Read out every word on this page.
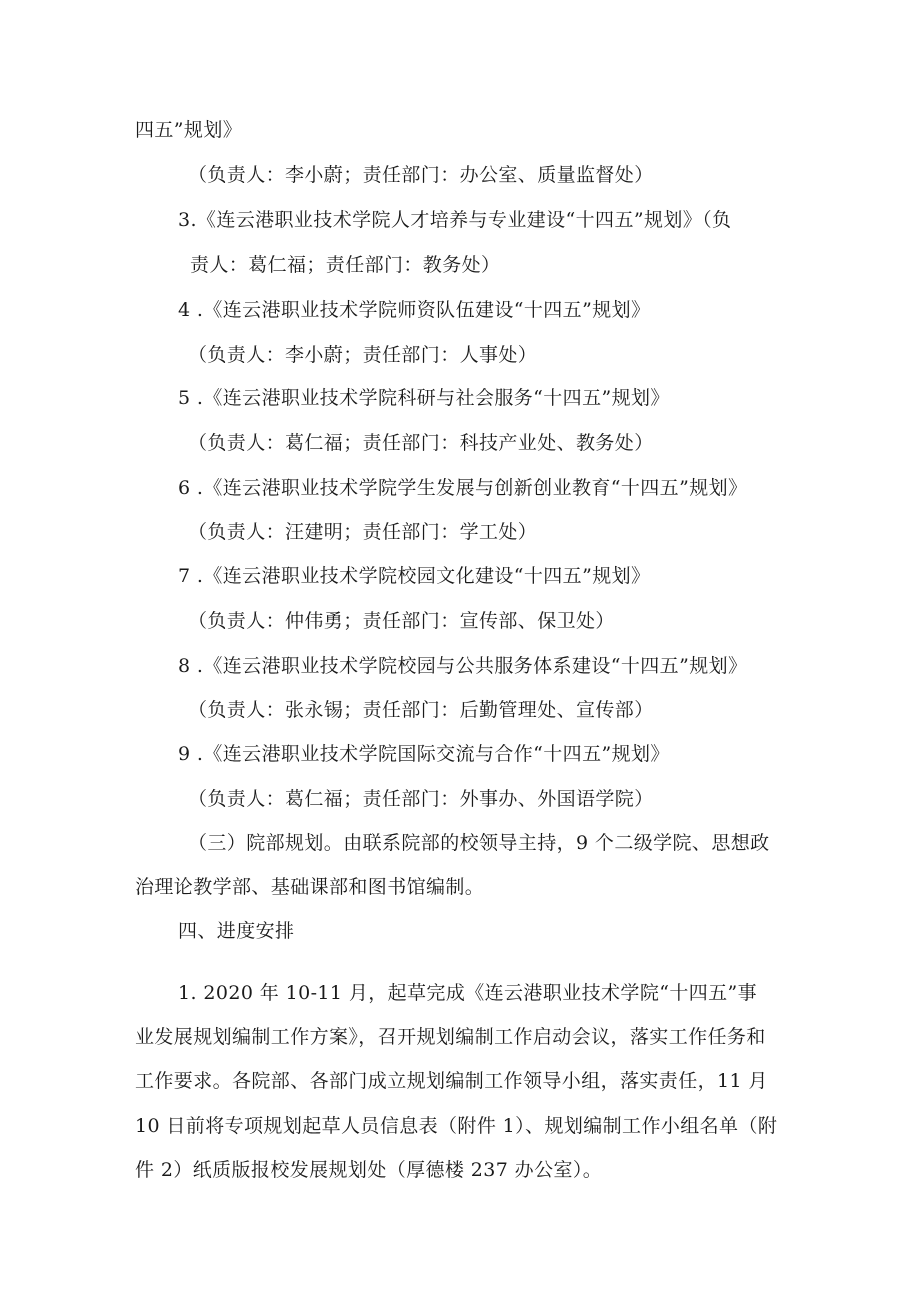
四五”规划》
（负责人：李小蔚；责任部门：办公室、质量监督处）
3.《连云港职业技术学院人才培养与专业建设“十四五”规划》（负
责人：葛仁福；责任部门：教务处）
4 .《连云港职业技术学院师资队伍建设“十四五”规划》
（负责人：李小蔚；责任部门：人事处）
5 .《连云港职业技术学院科研与社会服务“十四五”规划》
（负责人：葛仁福；责任部门：科技产业处、教务处）
6 .《连云港职业技术学院学生发展与创新创业教育“十四五”规划》
（负责人：汪建明；责任部门：学工处）
7 .《连云港职业技术学院校园文化建设“十四五”规划》
（负责人：仲伟勇；责任部门：宣传部、保卫处）
8 .《连云港职业技术学院校园与公共服务体系建设“十四五”规划》
（负责人：张永锡；责任部门：后勤管理处、宣传部）
9 .《连云港职业技术学院国际交流与合作“十四五”规划》
（负责人：葛仁福；责任部门：外事办、外国语学院）
（三）院部规划。由联系院部的校领导主持，9 个二级学院、思想政
治理论教学部、基础课部和图书馆编制。
四、进度安排
1. 2020 年 10-11 月，起草完成《连云港职业技术学院“十四五”事
业发展规划编制工作方案》，召开规划编制工作启动会议，落实工作任务和
工作要求。各院部、各部门成立规划编制工作领导小组，落实责任，11 月
10 日前将专项规划起草人员信息表（附件 1）、规划编制工作小组名单（附
件 2）纸质版报校发展规划处（厚德楼 237 办公室）。
